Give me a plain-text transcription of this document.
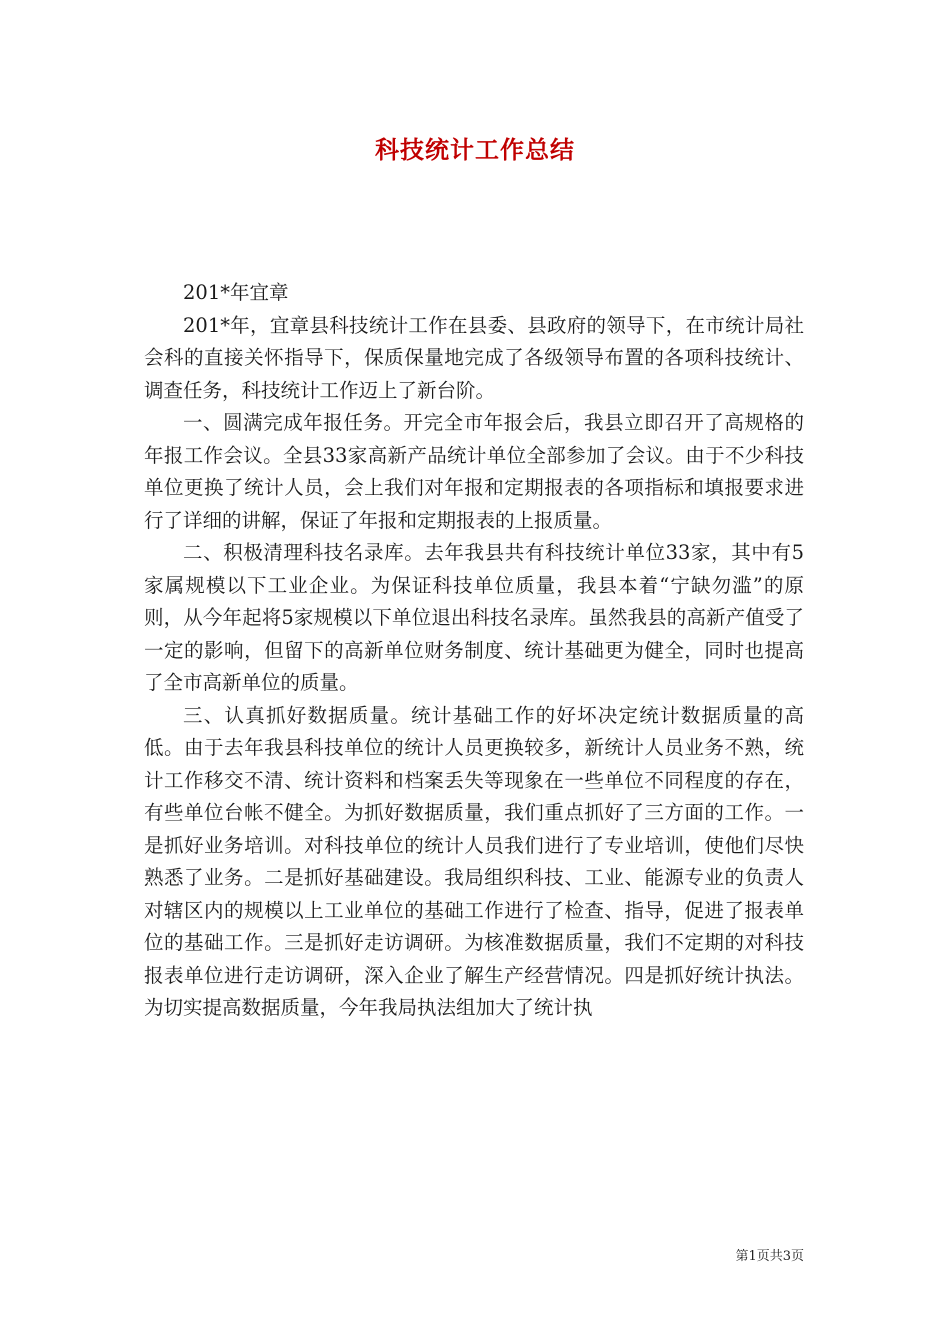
科技统计工作总结

201*年宜章

201*年，宜章县科技统计工作在县委、县政府的领导下，在市统计局社会科的直接关怀指导下，保质保量地完成了各级领导布置的各项科技统计、调查任务，科技统计工作迈上了新台阶。

一、圆满完成年报任务。开完全市年报会后，我县立即召开了高规格的年报工作会议。全县33家高新产品统计单位全部参加了会议。由于不少科技单位更换了统计人员，会上我们对年报和定期报表的各项指标和填报要求进行了详细的讲解，保证了年报和定期报表的上报质量。

二、积极清理科技名录库。去年我县共有科技统计单位33家，其中有5家属规模以下工业企业。为保证科技单位质量，我县本着“宁缺勿滥”的原则，从今年起将5家规模以下单位退出科技名录库。虽然我县的高新产值受了一定的影响，但留下的高新单位财务制度、统计基础更为健全，同时也提高了全市高新单位的质量。

三、认真抓好数据质量。统计基础工作的好坏决定统计数据质量的高低。由于去年我县科技单位的统计人员更换较多，新统计人员业务不熟，统计工作移交不清、统计资料和档案丢失等现象在一些单位不同程度的存在，有些单位台帐不健全。为抓好数据质量，我们重点抓好了三方面的工作。一是抓好业务培训。对科技单位的统计人员我们进行了专业培训，使他们尽快熟悉了业务。二是抓好基础建设。我局组织科技、工业、能源专业的负责人对辖区内的规模以上工业单位的基础工作进行了检查、指导，促进了报表单位的基础工作。三是抓好走访调研。为核准数据质量，我们不定期的对科技报表单位进行走访调研，深入企业了解生产经营情况。四是抓好统计执法。为切实提高数据质量，今年我局执法组加大了统计执

第1页共3页
